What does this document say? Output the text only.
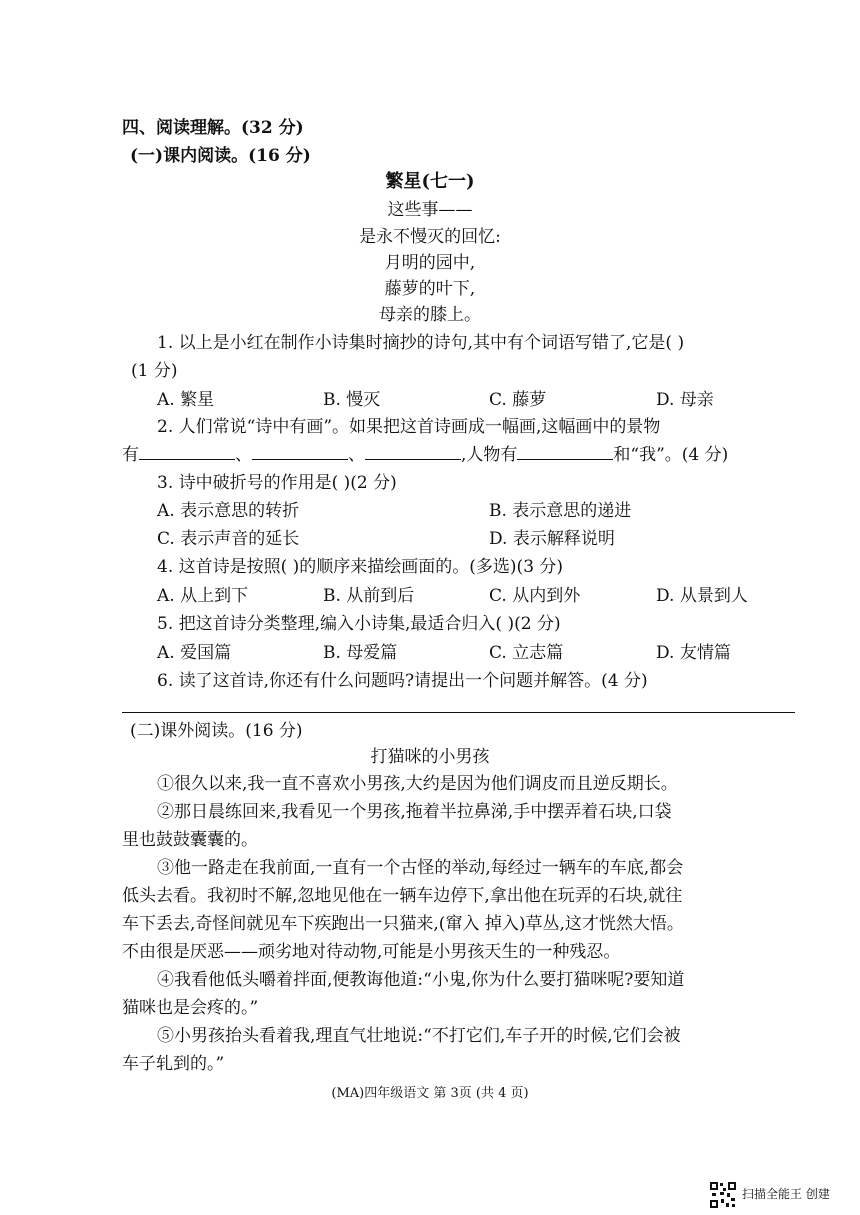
四、阅读理解。(32 分)
(一)课内阅读。(16 分)
繁星(七一)
这些事——
是永不慢灭的回忆:
月明的园中,
藤萝的叶下,
母亲的膝上。
1. 以上是小红在制作小诗集时摘抄的诗句,其中有个词语写错了,它是( )
(1 分)
A. 繁星	B. 慢灭	C. 藤萝	D. 母亲
2. 人们常说“诗中有画”。如果把这首诗画成一幅画,这幅画中的景物
有	、	、	,人物有	和“我”。(4 分)
3. 诗中破折号的作用是( )(2 分)
A. 表示意思的转折	B. 表示意思的递进
C. 表示声音的延长	D. 表示解释说明
4. 这首诗是按照( )的顺序来描绘画面的。(多选)(3 分)
A. 从上到下	B. 从前到后	C. 从内到外	D. 从景到人
5. 把这首诗分类整理,编入小诗集,最适合归入( )(2 分)
A. 爱国篇	B. 母爱篇	C. 立志篇	D. 友情篇
6. 读了这首诗,你还有什么问题吗?请提出一个问题并解答。(4 分)
(二)课外阅读。(16 分)
打猫咪的小男孩
①很久以来,我一直不喜欢小男孩,大约是因为他们调皮而且逆反期长。
②那日晨练回来,我看见一个男孩,拖着半拉鼻涕,手中摆弄着石块,口袋
里也鼓鼓囊囊的。
③他一路走在我前面,一直有一个古怪的举动,每经过一辆车的车底,都会
低头去看。我初时不解,忽地见他在一辆车边停下,拿出他在玩弄的石块,就往
车下丢去,奇怪间就见车下疾跑出一只猫来,(窜入 掉入)草丛,这才恍然大悟。
不由很是厌恶——顽劣地对待动物,可能是小男孩天生的一种残忍。
④我看他低头嚼着拌面,便教诲他道:“小鬼,你为什么要打猫咪呢?要知道
猫咪也是会疼的。”
⑤小男孩抬头看着我,理直气壮地说:“不打它们,车子开的时候,它们会被
车子轧到的。”
(MA)四年级语文 第 3页 (共 4 页)
扫描全能王 创建
